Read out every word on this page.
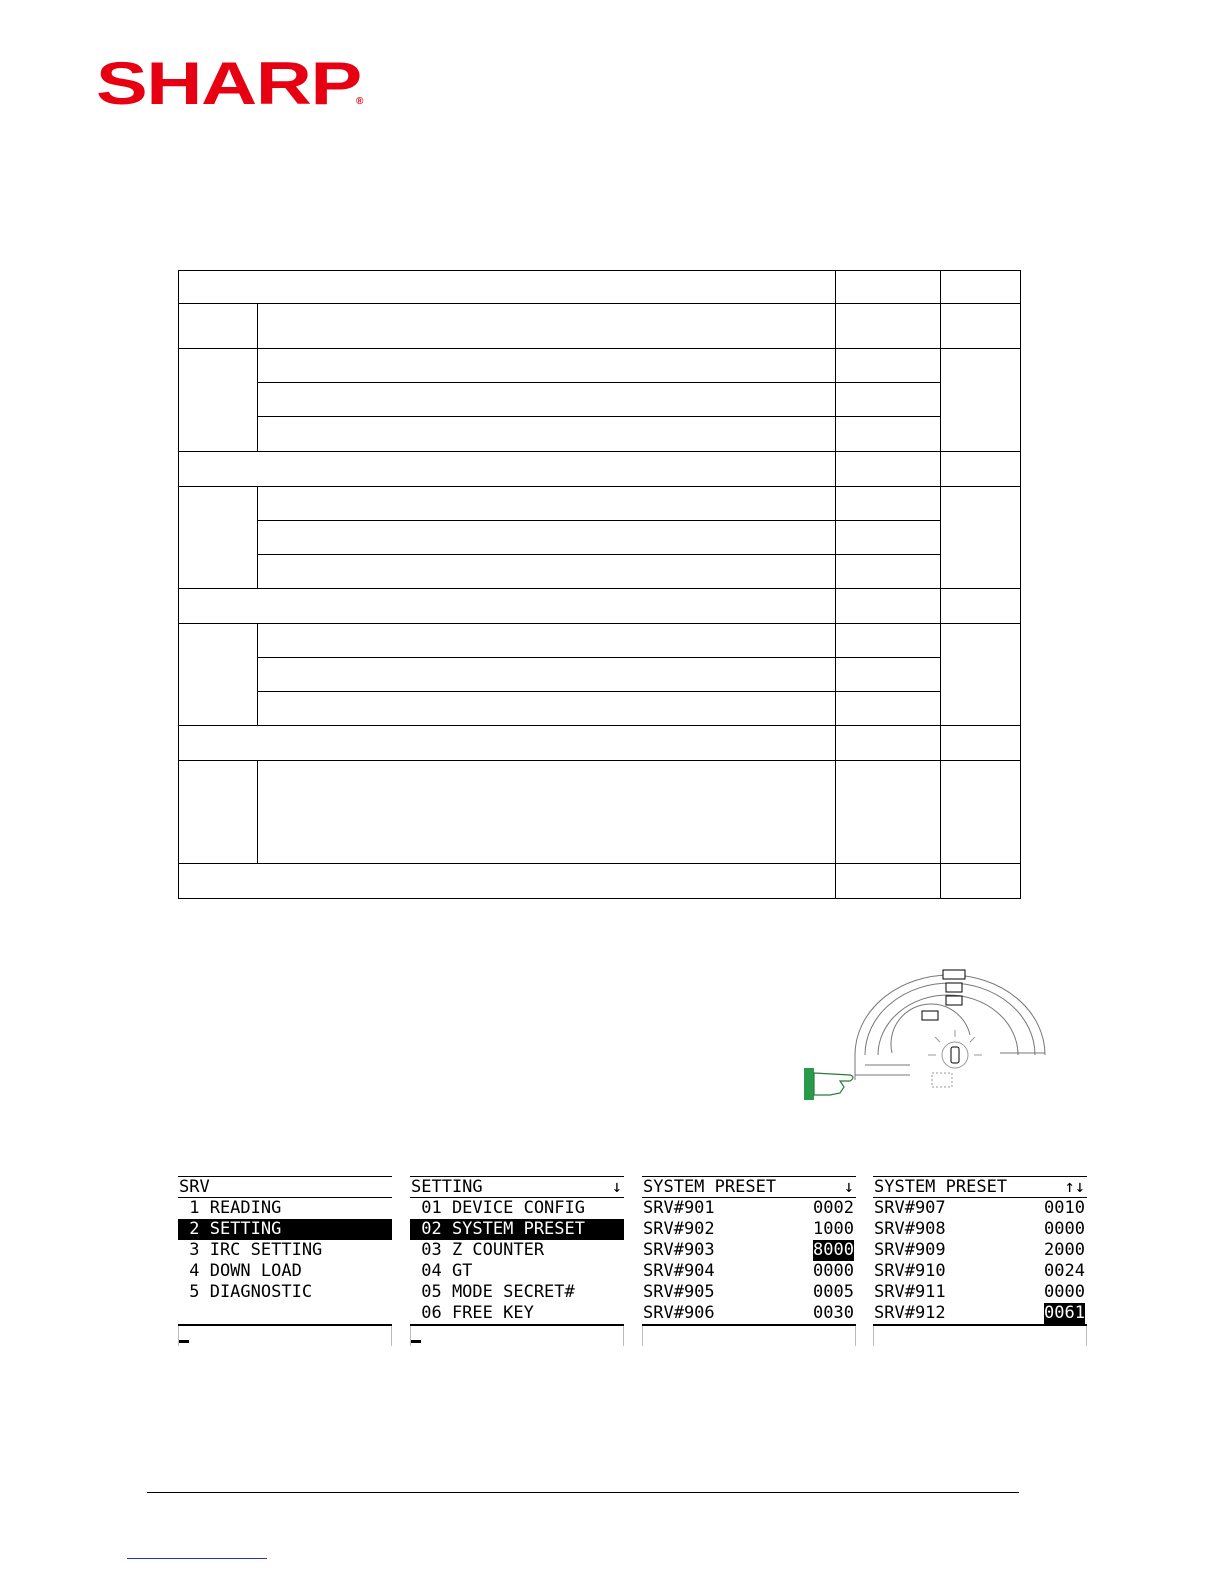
SHARP
®

SRV
1 READING
2 SETTING
3 IRC SETTING
4 DOWN LOAD
5 DIAGNOSTIC
SETTING	↓
01 DEVICE CONFIG
02 SYSTEM PRESET
03 Z COUNTER
04 GT
05 MODE SECRET#
06 FREE KEY
SYSTEM PRESET	↓
SRV#901	0002
SRV#902	1000
SRV#903	8000
SRV#904	0000
SRV#905	0005
SRV#906	0030
SYSTEM PRESET	↑↓
SRV#907	0010
SRV#908	0000
SRV#909	2000
SRV#910	0024
SRV#911	0000
SRV#912	0061
